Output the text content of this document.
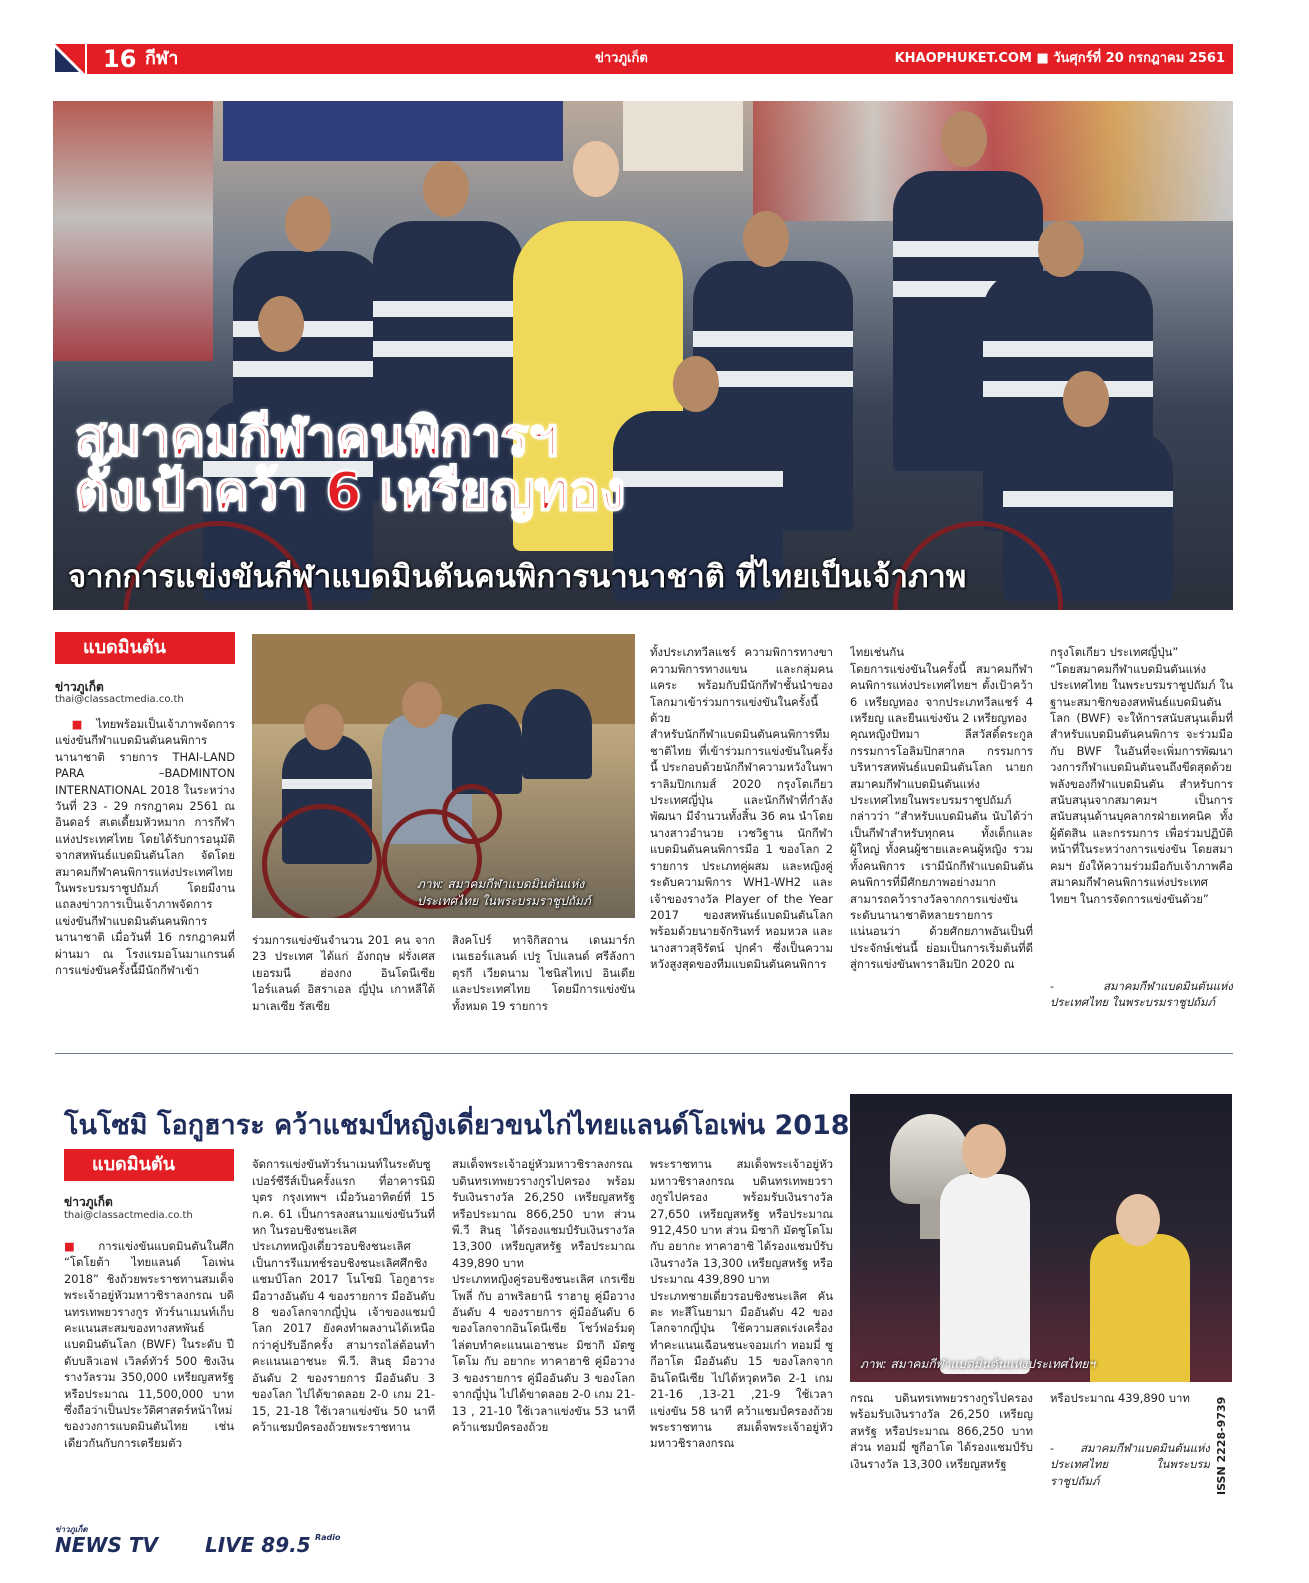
16 กีฬา	ข่าวภูเก็ต	KHAOPHUKET.COM ■ วันศุกร์ที่ 20 กรกฎาคม 2561
สมาคมกีฬาคนพิการฯ
ตั้งเป้าคว้า 6 เหรียญทอง
จากการแข่งขันกีฬาแบดมินตันคนพิการนานาชาติ ที่ไทยเป็นเจ้าภาพ
แบดมินตัน
ข่าวภูเก็ต
thai@classactmedia.co.th

 ■ ไทยพร้อมเป็นเจ้าภาพจัดการแข่งขันกีฬาแบดมินตันคนพิการนานาชาติ รายการ THAI-LAND PARA –BADMINTON INTERNATIONAL 2018 ในระหว่างวันที่ 23 - 29 กรกฎาคม 2561 ณ อินดอร์ สเตเดี้ยมหัวหมาก การกีฬาแห่งประเทศไทย โดยได้รับการอนุมัติจากสหพันธ์แบดมินตันโลก จัดโดยสมาคมกีฬาคนพิการแห่งประเทศไทย ในพระบรมราชูปถัมภ์ โดยมีงานแถลงข่าวการเป็นเจ้าภาพจัดการแข่งขันกีฬาแบดมินตันคนพิการนานาชาติ เมื่อวันที่ 16 กรกฎาคมที่ผ่านมา ณ โรงแรมอโนมาแกรนด์ การแข่งขันครั้งนี้มีนักกีฬาเข้า

ภาพ: สมาคมกีฬาแบดมินตันแห่งประเทศไทย ในพระบรมราชูปถัมภ์

ร่วมการแข่งขันจำนวน 201 คน จาก 23 ประเทศ ได้แก่ อังกฤษ ฝรั่งเศส เยอรมนี ฮ่องกง อินโดนีเซีย ไอร์แลนด์ อิสราเอล ญี่ปุ่น เกาหลีใต้ มาเลเซีย รัสเซีย

สิงคโปร์ ทาจิกิสถาน เดนมาร์ก เนเธอร์แลนด์ เปรู โปแลนด์ ศรีลังกา ตุรกี เวียดนาม ไชนิสไทเป อินเดีย และประเทศไทย โดยมีการแข่งขันทั้งหมด 19 รายการ

ทั้งประเภทวีลแชร์ ความพิการทางขา ความพิการทางแขน และกลุ่มคนแคระ พร้อมกับมีนักกีฬาชั้นนำของโลกมาเข้าร่วมการแข่งขันในครั้งนี้ด้วย
สำหรับนักกีฬาแบดมินตันคนพิการทีมชาติไทย ที่เข้าร่วมการแข่งขันในครั้งนี้ ประกอบด้วยนักกีฬาความหวังในพาราลิมปิกเกมส์ 2020 กรุงโตเกียว ประเทศญี่ปุ่น และนักกีฬาที่กำลังพัฒนา มีจำนวนทั้งสิ้น 36 คน นำโดยนางสาวอำนวย เวชวิฐาน นักกีฬาแบดมินตันคนพิการมือ 1 ของโลก 2 รายการ ประเภทคู่ผสม และหญิงคู่ ระดับความพิการ WH1-WH2 และเจ้าของรางวัล Player of the Year 2017 ของสหพันธ์แบดมินตันโลก พร้อมด้วยนายจักรินทร์ หอมหวล และนางสาวสุจิรัตน์ ปุกคำ ซึ่งเป็นความหวังสูงสุดของทีมแบดมินตันคนพิการ

ไทยเช่นกัน
โดยการแข่งขันในครั้งนี้ สมาคมกีฬาคนพิการแห่งประเทศไทยฯ ตั้งเป้าคว้า 6 เหรียญทอง จากประเภทวีลแชร์ 4 เหรียญ และยืนแข่งขัน 2 เหรียญทอง
คุณหญิงปัทมา ลีสวัสดิ์ตระกูล กรรมการโอลิมปิกสากล กรรมการบริหารสหพันธ์แบดมินตันโลก นายกสมาคมกีฬาแบดมินตันแห่งประเทศไทยในพระบรมราชูปถัมภ์ กล่าวว่า “สำหรับแบดมินตัน นับได้ว่าเป็นกีฬาสำหรับทุกคน ทั้งเด็กและผู้ใหญ่ ทั้งคนผู้ชายและคนผู้หญิง รวมทั้งคนพิการ เรามีนักกีฬาแบดมินตันคนพิการที่มีศักยภาพอย่างมาก สามารถคว้ารางวัลจากการแข่งขันระดับนานาชาติหลายรายการ แน่นอนว่า ด้วยศักยภาพอันเป็นที่ประจักษ์เช่นนี้ ย่อมเป็นการเริ่มต้นที่ดีสู่การแข่งขันพาราลิมปิก 2020 ณ

กรุงโตเกียว ประเทศญี่ปุ่น”
“โดยสมาคมกีฬาแบดมินตันแห่งประเทศไทย ในพระบรมราชูปถัมภ์ ในฐานะสมาชิกของสหพันธ์แบดมินตันโลก (BWF) จะให้การสนับสนุนเต็มที่สำหรับแบดมินตันคนพิการ จะร่วมมือกับ BWF ในอันที่จะเพิ่มการพัฒนาวงการกีฬาแบดมินตันจนถึงขีดสุดด้วยพลังของกีฬาแบดมินตัน สำหรับการสนับสนุนจากสมาคมฯ เป็นการสนับสนุนด้านบุคลากรฝ่ายเทคนิค ทั้งผู้ตัดสิน และกรรมการ เพื่อร่วมปฏิบัติหน้าที่ในระหว่างการแข่งขัน โดยสมาคมฯ ยังให้ความร่วมมือกับเจ้าภาพคือสมาคมกีฬาคนพิการแห่งประเทศไทยฯ ในการจัดการแข่งขันด้วย”

- สมาคมกีฬาแบดมินตันแห่งประเทศไทย ในพระบรมราชูปถัมภ์

โนโซมิ โอกูฮาระ คว้าแชมป์หญิงเดี่ยวขนไก่ไทยแลนด์โอเพ่น 2018
แบดมินตัน
ข่าวภูเก็ต
thai@classactmedia.co.th

■ การแข่งขันแบดมินตันในศึก “โตโยต้า ไทยแลนด์ โอเพ่น 2018” ชิงถ้วยพระราชทานสมเด็จพระเจ้าอยู่หัวมหาวชิราลงกรณ บดินทรเทพยวรางกูร ทัวร์นาเมนท์เก็บคะแนนสะสมของทางสหพันธ์แบดมินตันโลก (BWF) ในระดับ ปีดับบลิวเอฟ เวิลด์ทัวร์ 500 ชิงเงินรางวัลรวม 350,000 เหรียญสหรัฐ หรือประมาณ 11,500,000 บาท ซึ่งถือว่าเป็นประวัติศาสตร์หน้าใหม่ของวงการแบดมินตันไทย เช่นเดียวกันกับการเตรียมตัว

จัดการแข่งขันทัวร์นาเมนท์ในระดับซูเปอร์ซีรีส์เป็นครั้งแรก ที่อาคารนิมิบุตร กรุงเทพฯ เมื่อวันอาทิตย์ที่ 15 ก.ค. 61 เป็นการลงสนามแข่งขันวันที่หก ในรอบชิงชนะเลิศ
ประเภทหญิงเดี่ยวรอบชิงชนะเลิศ เป็นการรีแมทช์รอบชิงชนะเลิศศึกชิงแชมป์โลก 2017 โนโซมิ โอกูฮาระ มือวางอันดับ 4 ของรายการ มืออันดับ 8 ของโลกจากญี่ปุ่น เจ้าของแชมป์โลก 2017 ยังคงทำผลงานได้เหนือกว่าคู่ปรับอีกครั้ง สามารถไล่ต้อนทำคะแนนเอาชนะ พี.วี. สินธุ มือวางอันดับ 2 ของรายการ มืออันดับ 3 ของโลก ไปได้ขาดลอย 2-0 เกม 21-15, 21-18 ใช้เวลาแข่งขัน 50 นาที คว้าแชมป์ครองถ้วยพระราชทาน

สมเด็จพระเจ้าอยู่หัวมหาวชิราลงกรณ บดินทรเทพยวรางกูรไปครอง พร้อมรับเงินรางวัล 26,250 เหรียญสหรัฐ หรือประมาณ 866,250 บาท ส่วน พี.วี สินธุ ได้รองแชมป์รับเงินรางวัล 13,300 เหรียญสหรัฐ หรือประมาณ 439,890 บาท
ประเภทหญิงคู่รอบชิงชนะเลิศ เกรเซีย โพลี่ กับ อาพริลยานี ราฮายู คู่มือวางอันดับ 4 ของรายการ คู่มืออันดับ 6 ของโลกจากอินโดนีเซีย โชว์ฟอร์มดุไล่ตบทำคะแนนเอาชนะ มิซากิ มัตซูโตโม กับ อยากะ ทาคาฮาชิ คู่มือวาง 3 ของรายการ คู่มืออันดับ 3 ของโลก จากญี่ปุ่น ไปได้ขาดลอย 2-0 เกม 21-13 , 21-10 ใช้เวลาแข่งขัน 53 นาที คว้าแชมป์ครองถ้วย

พระราชทาน สมเด็จพระเจ้าอยู่หัวมหาวชิราลงกรณ บดินทรเทพยวรางกูรไปครอง พร้อมรับเงินรางวัล 27,650 เหรียญสหรัฐ หรือประมาณ 912,450 บาท ส่วน มิซากิ มัตซูโตโม กับ อยากะ ทาคาฮาชิ ได้รองแชมป์รับเงินรางวัล 13,300 เหรียญสหรัฐ หรือประมาณ 439,890 บาท
ประเภทชายเดี่ยวรอบชิงชนะเลิศ คันตะ ทะสึโนยามา มืออันดับ 42 ของโลกจากญี่ปุ่น ใช้ความสดเร่งเครื่องทำคะแนนเฉือนชนะจอมเก๋า ทอมมี่ ซูกีอาโต มืออันดับ 15 ของโลกจากอินโดนีเซีย ไปได้หวุดหวิด 2-1 เกม 21-16 ,13-21 ,21-9 ใช้เวลาแข่งขัน 58 นาที คว้าแชมป์ครองถ้วยพระราชทาน สมเด็จพระเจ้าอยู่หัวมหาวชิราลงกรณ

ภาพ: สมาคมกีฬาแบดมินตันแห่งประเทศไทยฯ

กรณ บดินทรเทพยวรางกูรไปครอง พร้อมรับเงินรางวัล 26,250 เหรียญสหรัฐ หรือประมาณ 866,250 บาท ส่วน ทอมมี่ ซูกีอาโต ได้รองแชมป์รับเงินรางวัล 13,300 เหรียญสหรัฐ

หรือประมาณ 439,890 บาท

- สมาคมกีฬาแบดมินตันแห่งประเทศไทย ในพระบรมราชูปถัมภ์	ISSN 2228-9739
ข่าวภูเก็ต
NEWS TV LIVE 89.5 Radio
